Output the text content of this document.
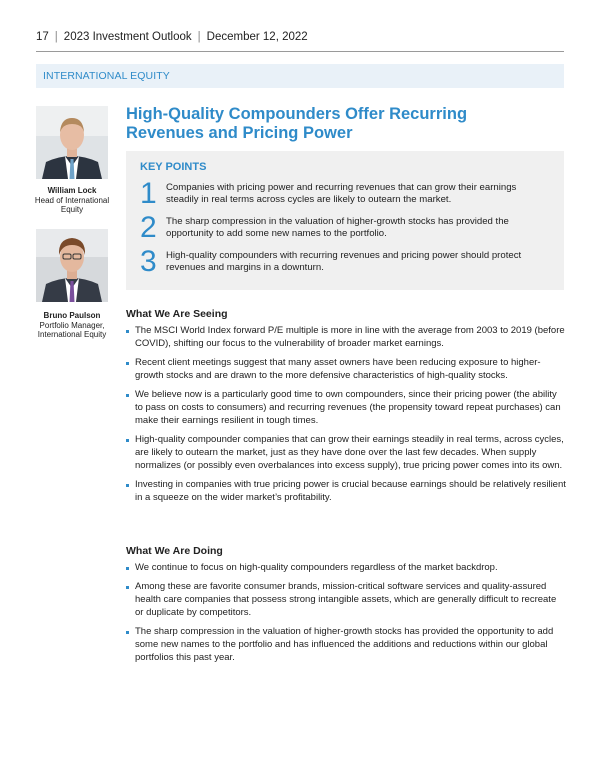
17 | 2023 Investment Outlook | December 12, 2022
INTERNATIONAL EQUITY
William Lock
Head of International Equity
Bruno Paulson
Portfolio Manager, International Equity
High-Quality Compounders Offer Recurring Revenues and Pricing Power
KEY POINTS
1 Companies with pricing power and recurring revenues that can grow their earnings steadily in real terms across cycles are likely to outearn the market.
2 The sharp compression in the valuation of higher-growth stocks has provided the opportunity to add some new names to the portfolio.
3 High-quality compounders with recurring revenues and pricing power should protect revenues and margins in a downturn.
What We Are Seeing
The MSCI World Index forward P/E multiple is more in line with the average from 2003 to 2019 (before COVID), shifting our focus to the vulnerability of broader market earnings.
Recent client meetings suggest that many asset owners have been reducing exposure to higher-growth stocks and are drawn to the more defensive characteristics of high-quality stocks.
We believe now is a particularly good time to own compounders, since their pricing power (the ability to pass on costs to consumers) and recurring revenues (the propensity toward repeat purchases) can make their earnings resilient in tough times.
High-quality compounder companies that can grow their earnings steadily in real terms, across cycles, are likely to outearn the market, just as they have done over the last few decades. When supply normalizes (or possibly even overbalances into excess supply), true pricing power comes into its own.
Investing in companies with true pricing power is crucial because earnings should be relatively resilient in a squeeze on the wider market’s profitability.
What We Are Doing
We continue to focus on high-quality compounders regardless of the market backdrop.
Among these are favorite consumer brands, mission-critical software services and quality-assured health care companies that possess strong intangible assets, which are generally difficult to recreate or duplicate by competitors.
The sharp compression in the valuation of higher-growth stocks has provided the opportunity to add some new names to the portfolio and has influenced the additions and reductions within our global portfolios this past year.
